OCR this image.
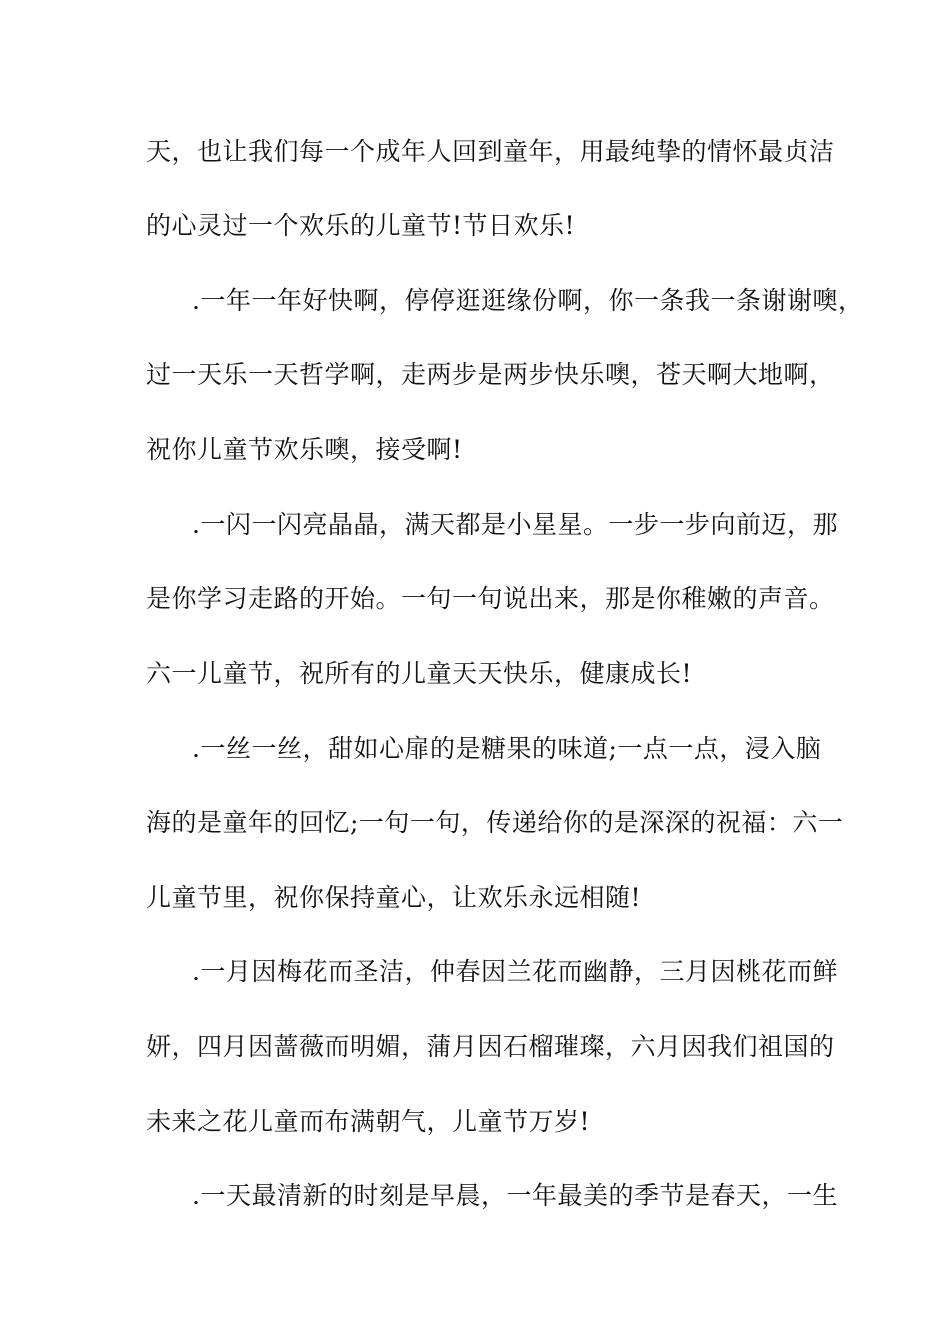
天，也让我们每一个成年人回到童年，用最纯挚的情怀最贞洁
的心灵过一个欢乐的儿童节!节日欢乐!
.一年一年好快啊，停停逛逛缘份啊，你一条我一条谢谢噢，
过一天乐一天哲学啊，走两步是两步快乐噢，苍天啊大地啊，
祝你儿童节欢乐噢，接受啊!
.一闪一闪亮晶晶，满天都是小星星。一步一步向前迈，那
是你学习走路的开始。一句一句说出来，那是你稚嫩的声音。
六一儿童节，祝所有的儿童天天快乐，健康成长!
.一丝一丝，甜如心扉的是糖果的味道;一点一点，浸入脑
海的是童年的回忆;一句一句，传递给你的是深深的祝福：六一
儿童节里，祝你保持童心，让欢乐永远相随!
.一月因梅花而圣洁，仲春因兰花而幽静，三月因桃花而鲜
妍，四月因蔷薇而明媚，蒲月因石榴璀璨，六月因我们祖国的
未来之花儿童而布满朝气，儿童节万岁!
.一天最清新的时刻是早晨，一年最美的季节是春天，一生
